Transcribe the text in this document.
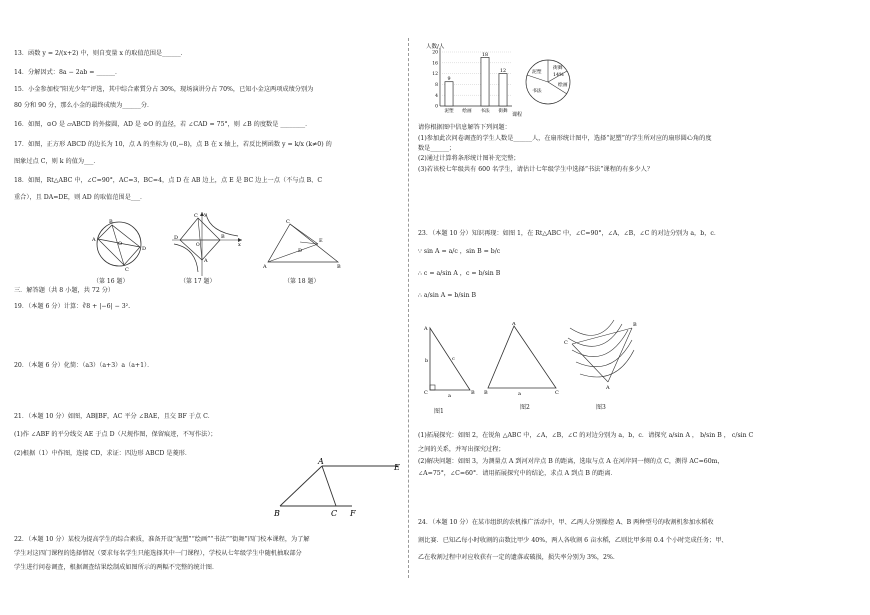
13．函数 y = 2/(x+2) 中，则自变量 x 的取值范围是______．
14．分解因式：8a − 2ab = ______．
15．小金参加校“阳光少年”评选，其中综合素質分占 30%，现场演讲分占 70%，已知小金这两项成绩分别为
80 分和 90 分，那么小金的最终成绩为______分．
16．如图，⊙O 是 ▱ABCD 的外接圆，AD 是 ⊙O 的直径，若 ∠CAD = 75°，则 ∠B 的度数是 ________．
17．如图，正方形 ABCD 的边长为 10，点 A 的坐标为 (0,−8)，点 B 在 x 轴上，若反比例函数 y = k/x (k≠0) 的
图象过点 C，则 k 的值为___．
18．如图，Rt△ABC 中，∠C=90°，AC=3，BC=4，点 D 在 AB 边上，点 E 是 BC 边上一点（不与点 B、C
重合），且 DA=DE，则 AD 的取值范围是___．
A
B
O
D
C
（第 16 题）
C
D	B
A
x
y
O
（第 17 题）
C
A	B
E
D
（第 18 题）
三．解答题（共 8 小题，共 72 分）
19．（本题 6 分）计算：∛8 + |−6| − 3².
20．（本题 6 分）化简：（a3）（a+3）a（a+1）．
21．（本题 10 分）如图，AB∥BF，AC 平分 ∠BAE，且交 BF 于点 C．
(1)作 ∠ABF 的平分线交 AE 于点 D（尺规作图，保留痕迹，不写作法）；
(2)根据（1）中作图，连接 CD，求证：四边形 ABCD 是菱形．
A
E
B	C F
22．（本题 10 分）某校为提高学生的综合素质，准备开设“泥塑”“绘画”“书法”“街舞”四门校本课程，为了解
学生对这四门课程的选择情况（要求每名学生只能选择其中一门课程），学校从七年级学生中随机抽取部分
学生进行问卷调查，根据调查结果绘制成如图所示的两幅不完整的统计图．
人数/人
课程
0
4
8
12
16
20
9
泥塑 绘画
18
书法
12
街舞
泥塑
街舞
14%
绘画
书法
请你根据图中信息解答下列问题：
(1)参加此次问卷调查的学生人数是______人，在扇形统计图中，选择“泥塑”的学生所对应的扇形圆心角的度
数是______；
(2)通过计算将条形统计图补充完整；
(3)若该校七年级共有 600 名学生，请估计七年级学生中选择“书法”课程的有多少人？
23．（本题 10 分）知识再现：如图 1，在 Rt△ABC 中，∠C=90°，∠A，∠B，∠C 的对边分别为 a，b，c．
∵ sin A = a/c ，sin B = b/c
∴ c = a/sin A ，c = b/sin B
∴ a/sin A = b/sin B
A
C	B
b	c
a
图1
A
B	C
a
图2
C
B
A
图3
(1)拓展探究：如图 2，在锐角 △ABC 中，∠A，∠B，∠C 的对边分别为 a，b，c．请探究 a/sin A ， b/sin B ， c/sin C
之间的关系，并写出探究过程；
(2)解决问题：如图 3，为测量点 A 到河对岸点 B 的距离，选取与点 A 在河岸同一侧的点 C，测得 AC=60m，
∠A=75°，∠C=60°．请用拓展探究中的结论，求点 A 到点 B 的距离．
24．（本题 10 分）在某市组织的农机推广活动中，甲、乙两人分别操控 A、B 两种型号的收割机参加水稻收
割比赛．已知乙每小时收割的亩数比甲少 40%，两人各收割 6 亩水稻，乙则比甲多用 0.4 个小时完成任务；甲、
乙在收割过程中对应收获有一定的遗落或破损，损失率分别为 3%，2%．
